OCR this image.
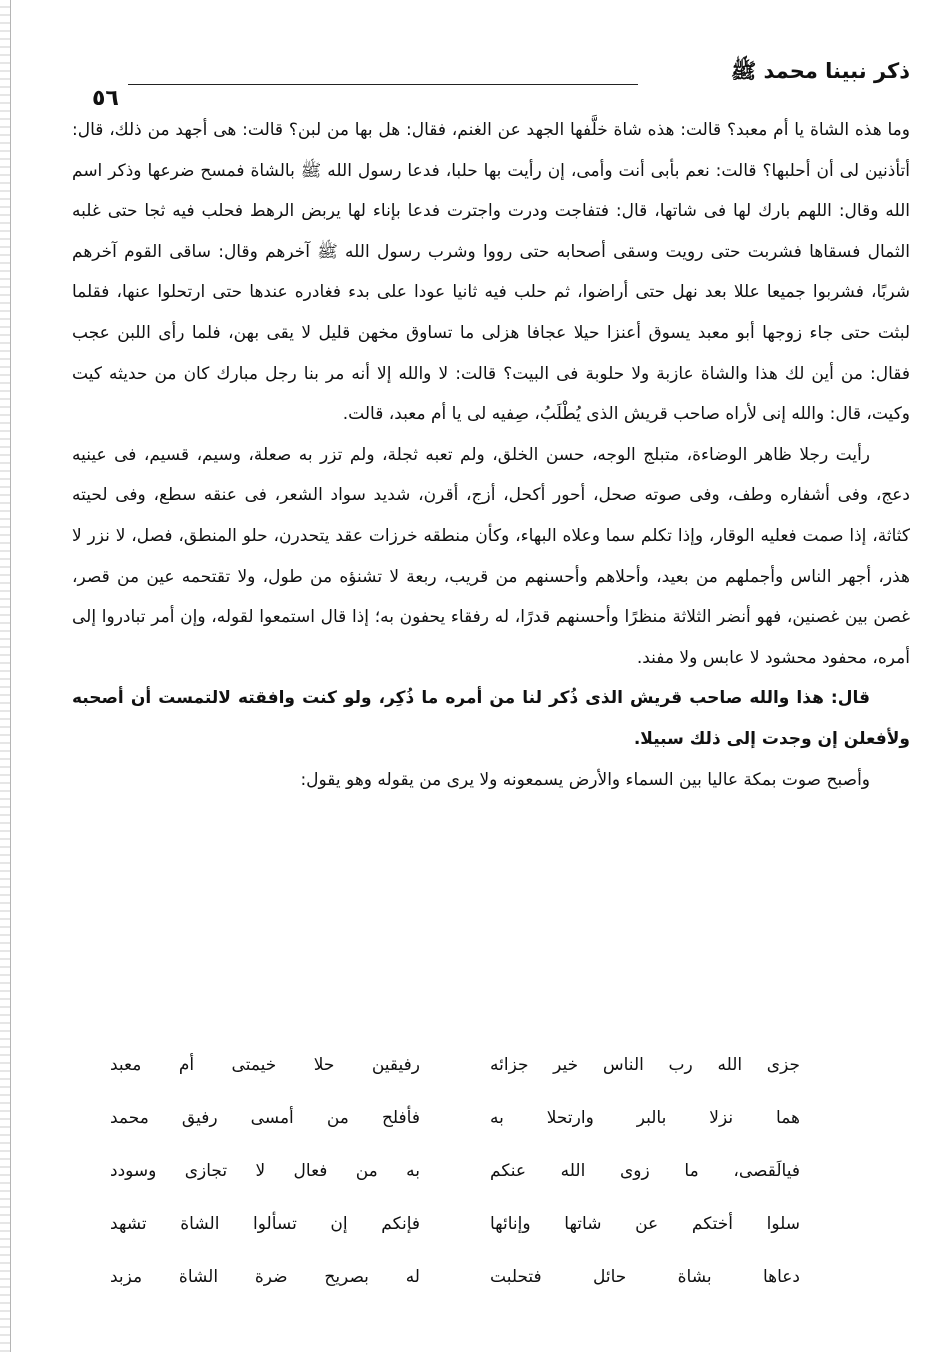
ذكر نبينا محمد ﷺ
٥٦

وما هذه الشاة يا أم معبد؟ قالت: هذه شاة خلَّفها الجهد عن الغنم، فقال: هل بها من لبن؟ قالت: هى أجهد من ذلك، قال: أتأذنين لى أن أحلبها؟ قالت: نعم بأبى أنت وأمى، إن رأيت بها حلبا، فدعا رسول الله ﷺ بالشاة فمسح ضرعها وذكر اسم الله وقال: اللهم بارك لها فى شاتها، قال: فتفاجت ودرت واجترت فدعا بإناء لها يربض الرهط فحلب فيه ثجا حتى غلبه الثمال فسقاها فشربت حتى رويت وسقى أصحابه حتى رووا وشرب رسول الله ﷺ آخرهم وقال: ساقى القوم آخرهم شربًا، فشربوا جميعا عللا بعد نهل حتى أراضوا، ثم حلب فيه ثانيا عودا على بدء فغادره عندها حتى ارتحلوا عنها، فقلما لبثت حتى جاء زوجها أبو معبد يسوق أعنزا حيلا عجافا هزلى ما تساوق مخهن قليل لا يقى بهن، فلما رأى اللبن عجب فقال: من أين لك هذا والشاة عازبة ولا حلوبة فى البيت؟ قالت: لا والله إلا أنه مر بنا رجل مبارك كان من حديثه كيت وكيت، قال: والله إنى لأراه صاحب قريش الذى يُطْلَبُ، صِفيه لى يا أم معبد، قالت.

رأيت رجلا ظاهر الوضاءة، متبلج الوجه، حسن الخلق، ولم تعبه ثجلة، ولم تزر به صعلة، وسيم، قسيم، فى عينيه دعج، وفى أشفاره وطف، وفى صوته صحل، أحور أكحل، أزج، أقرن، شديد سواد الشعر، فى عنقه سطع، وفى لحيته كثاثة، إذا صمت فعليه الوقار، وإذا تكلم سما وعلاه البهاء، وكأن منطقه خرزات عقد يتحدرن، حلو المنطق، فصل، لا نزر لا هذر، أجهر الناس وأجملهم من بعيد، وأحلاهم وأحسنهم من قريب، ربعة لا تشنؤه من طول، ولا تقتحمه عين من قصر، غصن بين غصنين، فهو أنضر الثلاثة منظرًا وأحسنهم قدرًا، له رفقاء يحفون به؛ إذا قال استمعوا لقوله، وإن أمر تبادروا إلى أمره، محفود محشود لا عابس ولا مفند.

قال: هذا والله صاحب قريش الذى ذُكر لنا من أمره ما ذُكِر، ولو كنت وافقته لالتمست أن أصحبه ولأفعلن إن وجدت إلى ذلك سبيلا.

وأصبح صوت بمكة عاليا بين السماء والأرض يسمعونه ولا يرى من يقوله وهو يقول:

جزى الله رب الناس خير جزائه
رفيقين حلا خيمتى أم معبد
هما نزلا بالبر وارتحلا به
فأفلح من أمسى رفيق محمد
فيالَقصى، ما زوى الله عنكم
به من فعال لا تجازى وسودد
سلوا أختكم عن شاتها وإنائها
فإنكم إن تسألوا الشاة تشهد
دعاها بشاة حائل فتحلبت
له بصريح ضرة الشاة مزبد
